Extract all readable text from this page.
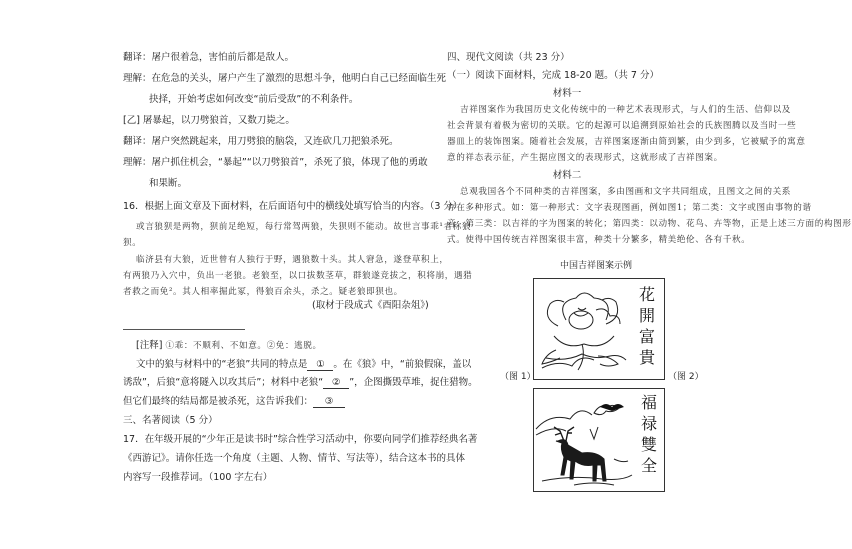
翻译：屠户很着急，害怕前后都是敌人。
理解：在危急的关头，屠户产生了激烈的思想斗争，他明白自己已经面临生死
抉择，开始考虑如何改变“前后受敌”的不利条件。
[乙] 屠暴起，以刀劈狼首，又数刀毙之。
翻译：屠户突然跳起来，用刀劈狼的脑袋，又连砍几刀把狼杀死。
理解：屠户抓住机会，“暴起”“以刀劈狼首”，杀死了狼，体现了他的勇敢
和果断。
16．根据上面文章及下面材料，在后面语句中的横线处填写恰当的内容。（3 分）
或言狼狈是两物，狈前足绝短，每行常驾两狼，失狈则不能动。故世言事乖¹者称狼
狈。
临济县有大狼，近世曾有人独行于野，遇狼数十头。其人窘急，遂登草积上，
有两狼乃入穴中，负出一老狼。老狼至，以口拔数茎草，群狼遂竞拔之，积将崩，遇猎
者救之而免²。其人相率掘此冢，得狼百余头，杀之。疑老狼即狈也。
(取材于段成式《酉阳杂俎》)
[注释] ①乖：不顺利、不如意。②免：逃脱。
文中的狼与材料中的“老狼”共同的特点是 ① 。在《狼》中，“前狼假寐，盖以
诱敌”，后狼“意将隧入以攻其后”；材料中老狼“ ② ”，企图撕毁草堆，捉住猎物。
但它们最终的结局都是被杀死，这告诉我们： ③
三、名著阅读（5 分）
17．在年级开展的“少年正是读书时”综合性学习活动中，你要向同学们推荐经典名著
《西游记》。请你任选一个角度（主题、人物、情节、写法等），结合这本书的具体
内容写一段推荐词。（100 字左右）
四、现代文阅读（共 23 分）
（一）阅读下面材料，完成 18-20 题。（共 7 分）
材料一
吉祥图案作为我国历史文化传统中的一种艺术表现形式，与人们的生活、信仰以及
社会背景有着极为密切的关联。它的起源可以追溯到原始社会的氏族图腾以及当时一些
器皿上的装饰图案。随着社会发展，吉祥图案逐渐由简到繁，由少到多，它被赋予的寓意
意的祥态表示征，产生据应图文的表现形式，这就形成了吉祥图案。
材料二
总观我国各个不同种类的吉祥图案，多由图画和文字共同组成，且图文之间的关系
存在多种形式。如：第一种形式：文字表现图画，例如图1；第二类：文字或图由事物的谐
音；第三类：以吉祥的字为图案的转化；第四类：以动物、花鸟、卉等物，正是上述三方面的构图形
式。使得中国传统吉祥图案很丰富，种类十分繁多，精美绝伦、各有千秋。
中国吉祥图案示例
花
開
富
貴
（图 1）	（图 2）
福
禄
雙
全
